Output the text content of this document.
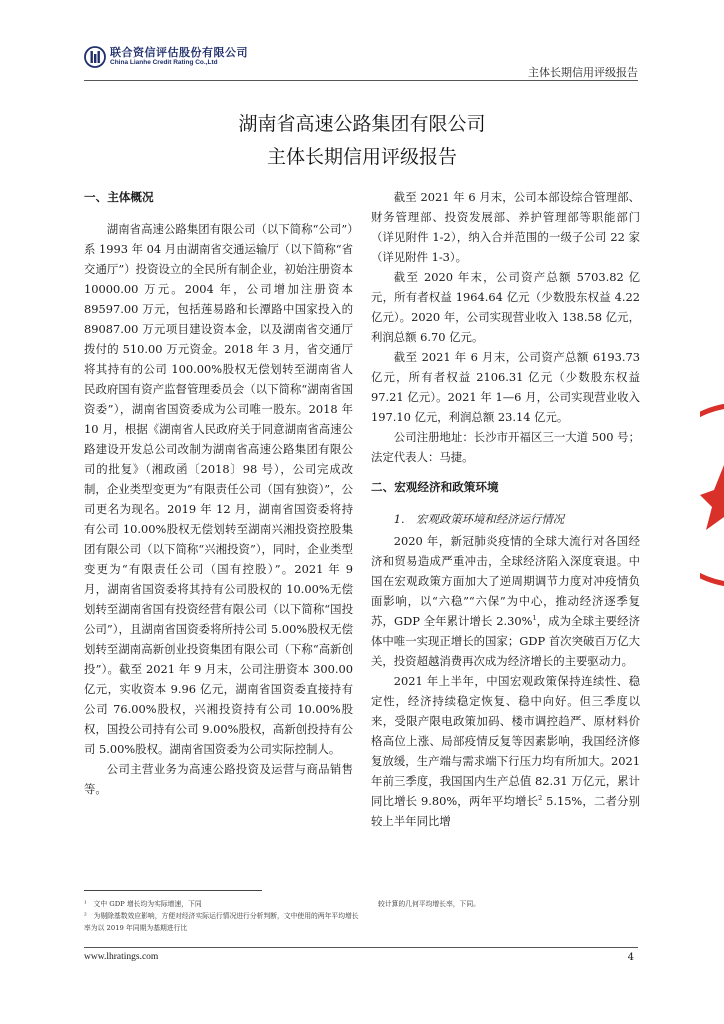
联合资信评估股份有限公司
China Lianhe Credit Rating Co.,Ltd
主体长期信用评级报告
湖南省高速公路集团有限公司
主体长期信用评级报告
一、主体概况

湖南省高速公路集团有限公司（以下简称“公司”）系 1993 年 04 月由湖南省交通运输厅（以下简称“省交通厅”）投资设立的全民所有制企业，初始注册资本 10000.00 万元。2004 年，公司增加注册资本 89597.00 万元，包括莲易路和长潭路中国家投入的 89087.00 万元项目建设资本金，以及湖南省交通厅拨付的 510.00 万元资金。2018 年 3 月，省交通厅将其持有的公司 100.00%股权无偿划转至湖南省人民政府国有资产监督管理委员会（以下简称“湖南省国资委”），湖南省国资委成为公司唯一股东。2018 年 10 月，根据《湖南省人民政府关于同意湖南省高速公路建设开发总公司改制为湖南省高速公路集团有限公司的批复》（湘政函〔2018〕98 号），公司完成改制，企业类型变更为“有限责任公司（国有独资）”，公司更名为现名。2019 年 12 月，湖南省国资委将持有公司 10.00%股权无偿划转至湖南兴湘投资控股集团有限公司（以下简称“兴湘投资”），同时，企业类型变更为“有限责任公司（国有控股）”。2021 年 9 月，湖南省国资委将其持有公司股权的 10.00%无偿划转至湖南省国有投资经营有限公司（以下简称“国投公司”），且湖南省国资委将所持公司 5.00%股权无偿划转至湖南高新创业投资集团有限公司（下称“高新创投”）。截至 2021 年 9 月末，公司注册资本 300.00 亿元，实收资本 9.96 亿元，湖南省国资委直接持有公司 76.00%股权，兴湘投资持有公司 10.00%股权，国投公司持有公司 9.00%股权，高新创投持有公司 5.00%股权。湖南省国资委为公司实际控制人。

公司主营业务为高速公路投资及运营与商品销售等。

截至 2021 年 6 月末，公司本部设综合管理部、财务管理部、投资发展部、养护管理部等职能部门（详见附件 1-2），纳入合并范围的一级子公司 22 家（详见附件 1-3）。

截至 2020 年末，公司资产总额 5703.82 亿元，所有者权益 1964.64 亿元（少数股东权益 4.22 亿元）。2020 年，公司实现营业收入 138.58 亿元，利润总额 6.70 亿元。

截至 2021 年 6 月末，公司资产总额 6193.73 亿元，所有者权益 2106.31 亿元（少数股东权益 97.21 亿元）。2021 年 1—6 月，公司实现营业收入 197.10 亿元，利润总额 23.14 亿元。

公司注册地址：长沙市开福区三一大道 500 号；法定代表人：马捷。

二、宏观经济和政策环境
1.　宏观政策环境和经济运行情况

2020 年，新冠肺炎疫情的全球大流行对各国经济和贸易造成严重冲击，全球经济陷入深度衰退。中国在宏观政策方面加大了逆周期调节力度对冲疫情负面影响，以“六稳”“六保”为中心，推动经济逐季复苏，GDP 全年累计增长 2.30%$^1$，成为全球主要经济体中唯一实现正增长的国家；GDP 首次突破百万亿大关，投资超越消费再次成为经济增长的主要驱动力。

2021 年上半年，中国宏观政策保持连续性、稳定性，经济持续稳定恢复、稳中向好。但三季度以来，受限产限电政策加码、楼市调控趋严、原材料价格高位上涨、局部疫情反复等因素影响，我国经济修复放缓，生产端与需求端下行压力均有所加大。2021 年前三季度，我国国内生产总值 82.31 万亿元，累计同比增长 9.80%，两年平均增长$^2$ 5.15%，二者分别较上半年同比增

¹　文中 GDP 增长均为实际增速，下同
²　为剔除基数效应影响，方便对经济实际运行情况进行分析判断，文中使用的两年平均增长率为以 2019 年同期为基期进行比
较计算的几何平均增长率，下同。
www.lhratings.com	4
